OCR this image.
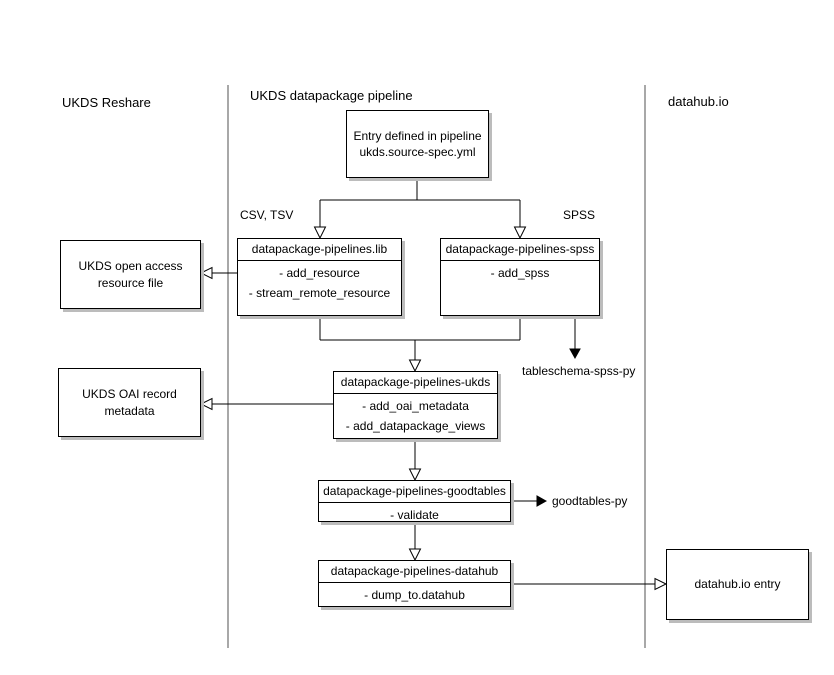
UKDS Reshare	UKDS datapackage pipeline	datahub.io
CSV, TSV	SPSS
tableschema-spss-py
goodtables-py
Entry defined in pipeline
ukds.source-spec.yml
datapackage-pipelines.lib
- add_resource
- stream_remote_resource
datapackage-pipelines-spss
- add_spss
UKDS open access
resource file
UKDS OAI record
metadata
datapackage-pipelines-ukds
- add_oai_metadata
- add_datapackage_views
datapackage-pipelines-goodtables
- validate
datapackage-pipelines-datahub
- dump_to.datahub
datahub.io entry
